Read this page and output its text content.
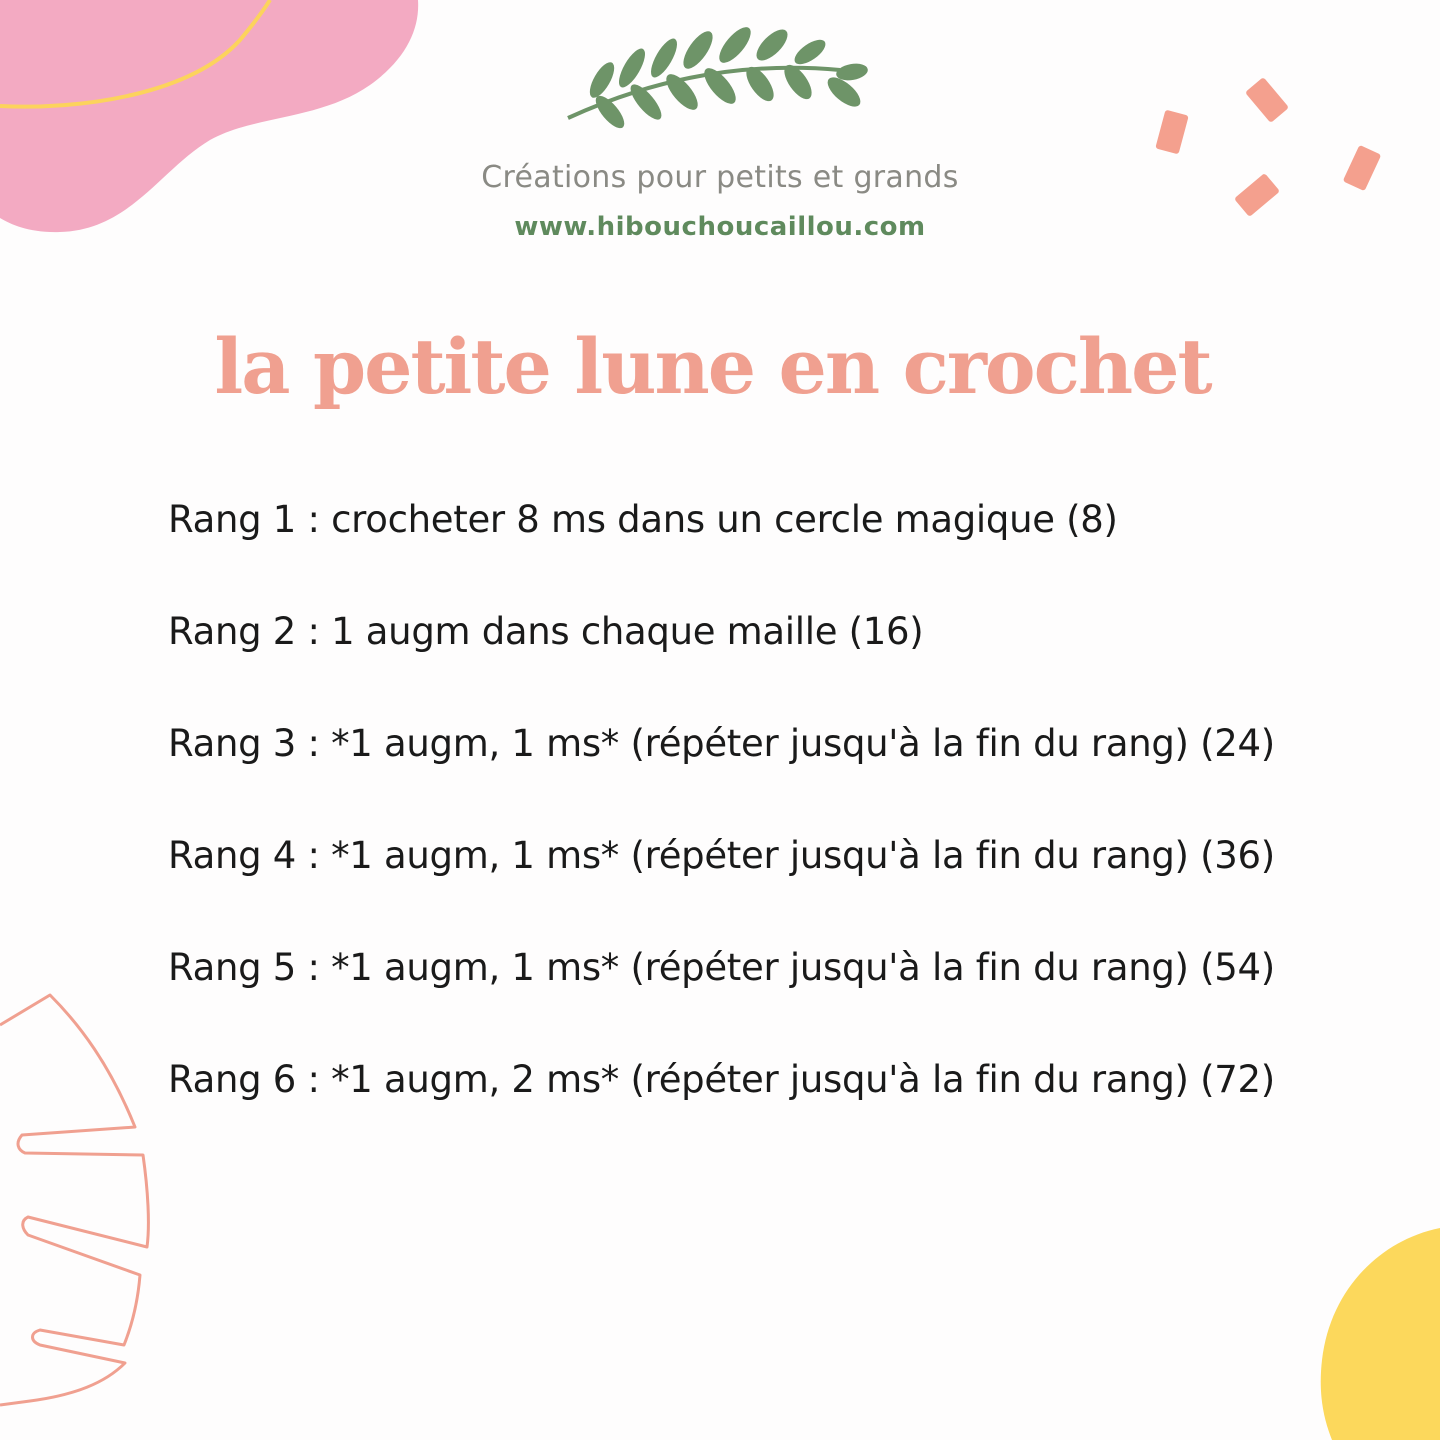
Créations pour petits et grands
www.hibouchoucaillou.com
la petite lune en crochet
Rang 1 : crocheter 8 ms dans un cercle magique (8)
Rang 2 : 1 augm dans chaque maille (16)
Rang 3 : *1 augm, 1 ms* (répéter jusqu'à la fin du rang) (24)
Rang 4 : *1 augm, 1 ms* (répéter jusqu'à la fin du rang) (36)
Rang 5 : *1 augm, 1 ms* (répéter jusqu'à la fin du rang) (54)
Rang 6 : *1 augm, 2 ms* (répéter jusqu'à la fin du rang) (72)
